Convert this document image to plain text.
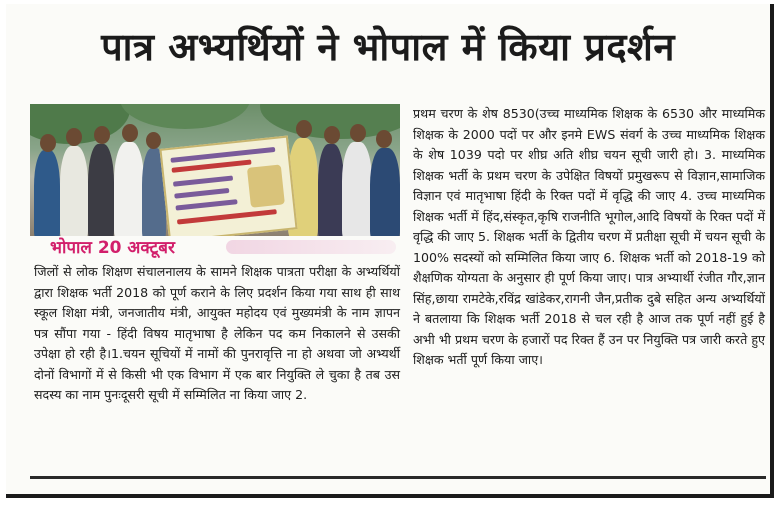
पात्र अभ्यर्थियों ने भोपाल में किया प्रदर्शन
भोपाल 20 अक्टूबर

जिलों से लोक शिक्षण संचालनालय के सामने शिक्षक पात्रता परीक्षा के अभ्यर्थियों द्वारा शिक्षक भर्ती 2018 को पूर्ण कराने के लिए प्रदर्शन किया गया साथ ही साथ स्कूल शिक्षा मंत्री, जनजातीय मंत्री, आयुक्त महोदय एवं मुख्यमंत्री के नाम ज्ञापन पत्र सौंपा गया - हिंदी विषय मातृभाषा है लेकिन पद कम निकालने से उसकी उपेक्षा हो रही है।1.चयन सूचियों में नामों की पुनरावृत्ति ना हो अथवा जो अभ्यर्थी दोनों विभागों में से किसी भी एक विभाग में एक बार नियुक्ति ले चुका है तब उस सदस्य का नाम पुनःदूसरी सूची में सम्मिलित ना किया जाए 2.

प्रथम चरण के शेष 8530(उच्च माध्यमिक शिक्षक के 6530 और माध्यमिक शिक्षक के 2000 पदों पर और इनमे EWS संवर्ग के उच्च माध्यमिक शिक्षक के शेष 1039 पदो पर शीघ्र अति शीघ्र चयन सूची जारी हो। 3. माध्यमिक शिक्षक भर्ती के प्रथम चरण के उपेक्षित विषयों प्रमुखरूप से विज्ञान,सामाजिक विज्ञान एवं मातृभाषा हिंदी के रिक्त पदों में वृद्धि की जाए 4. उच्च माध्यमिक शिक्षक भर्ती में हिंद,संस्कृत,कृषि राजनीति भूगोल,आदि विषयों के रिक्त पदों में वृद्धि की जाए 5. शिक्षक भर्ती के द्वितीय चरण में प्रतीक्षा सूची में चयन सूची के 100% सदस्यों को सम्मिलित किया जाए 6. शिक्षक भर्ती को 2018-19 को शैक्षणिक योग्यता के अनुसार ही पूर्ण किया जाए। पात्र अभ्यार्थी रंजीत गौर,ज्ञान सिंह,छाया रामटेके,रविंद्र खांडेकर,रागनी जैन,प्रतीक दुबे सहित अन्य अभ्यर्थियों ने बतलाया कि शिक्षक भर्ती 2018 से चल रही है आज तक पूर्ण नहीं हुई है अभी भी प्रथम चरण के हजारों पद रिक्त हैं उन पर नियुक्ति पत्र जारी करते हुए शिक्षक भर्ती पूर्ण किया जाए।
